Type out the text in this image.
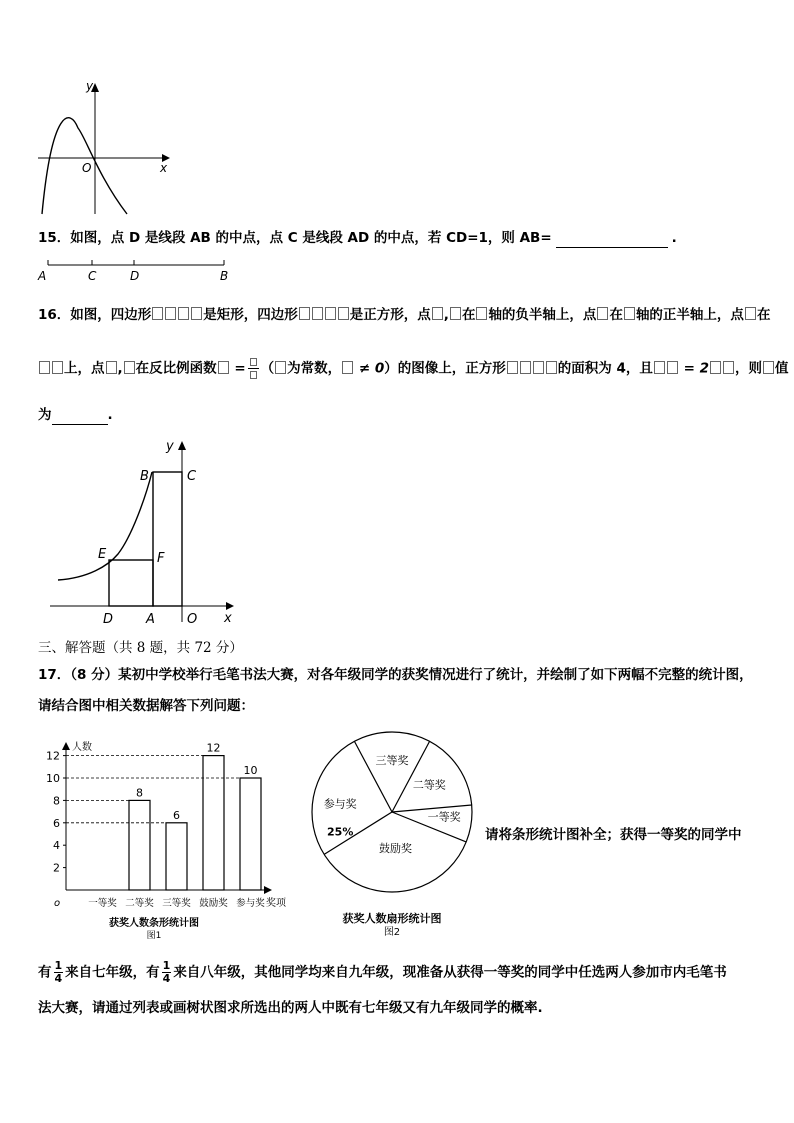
y
x
O
15．如图，点 D 是线段 AB 的中点，点 C 是线段 AD 的中点，若 CD=1，则 AB=	.
A	C	D	B
16．如图，四边形	是矩形，四边形	是正方形，点 , 在 轴的负半轴上，点 在 轴的正半轴上，点 在
上，点 , 在反比例函数 = （ 为常数， ≠ 0）的图像上，正方形	的面积为 4，且 = 2 ，则 值
为	.
y
x
B	C
E	F
D	A O
三、解答题（共 8 题，共 72 分）
17．（8 分）某初中学校举行毛笔书法大赛，对各年级同学的获奖情况进行了统计，并绘制了如下两幅不完整的统计图，
请结合图中相关数据解答下列问题：
人数
奖项
o
2
4
6
8
10
12
一等奖 二等奖
8
三等奖
6
鼓励奖
12
参与奖
10
获奖人数条形统计图
图1
三等奖
二等奖
一等奖
鼓励奖
参与奖
25%
获奖人数扇形统计图
图2
请将条形统计图补全；获得一等奖的同学中
有 $\frac{1}{4}$ 来自七年级，有 $\frac{1}{4}$ 来自八年级，其他同学均来自九年级，现准备从获得一等奖的同学中任选两人参加市内毛笔书
法大赛，请通过列表或画树状图求所选出的两人中既有七年级又有九年级同学的概率.
